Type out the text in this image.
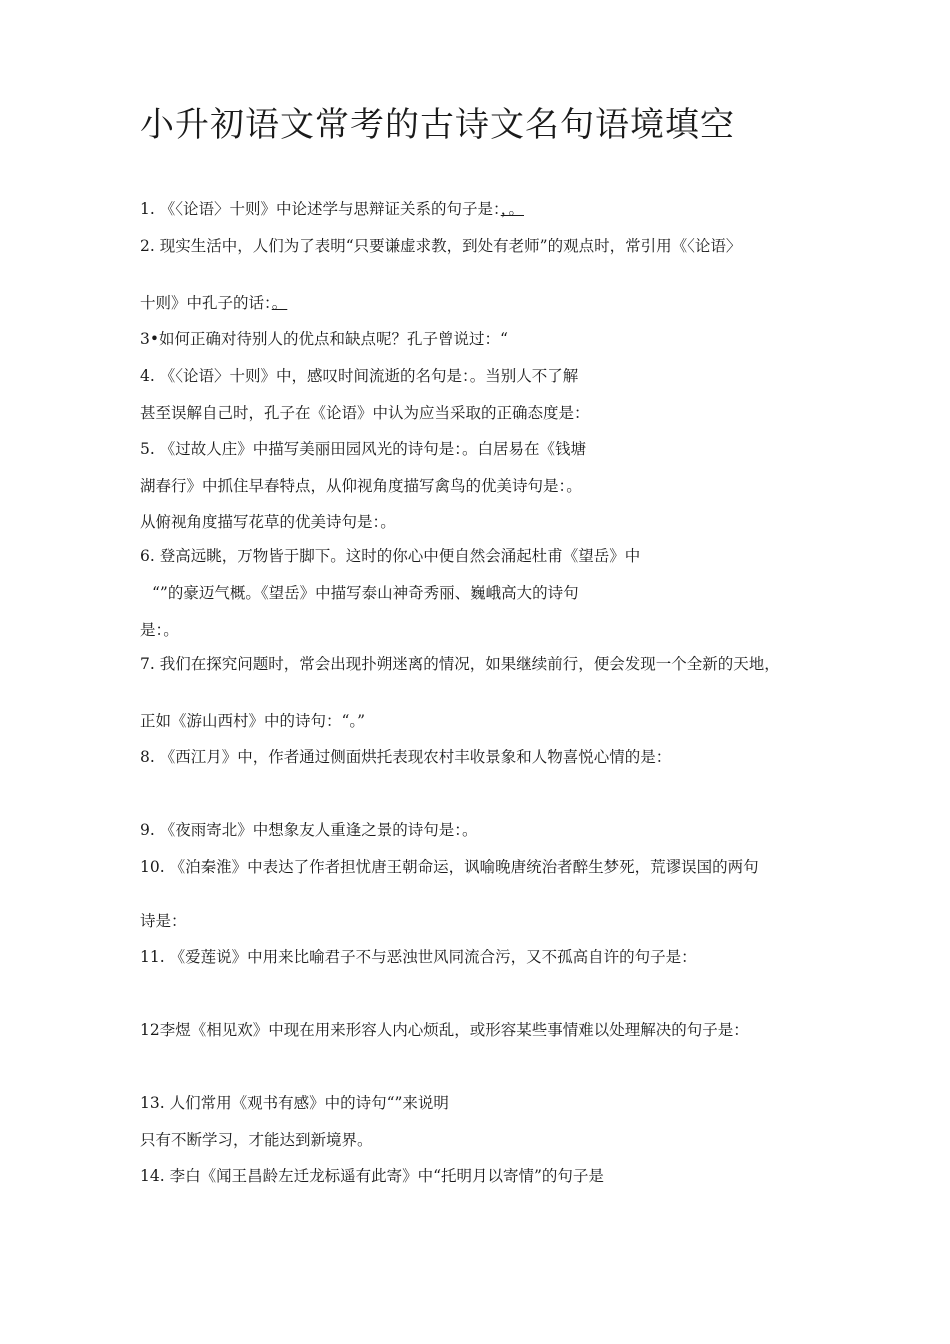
小升初语文常考的古诗文名句语境填空
1. 《〈论语〉十则》中论述学与思辩证关系的句子是：，。
2. 现实生活中，人们为了表明“只要谦虚求教，到处有老师”的观点时，常引用《〈论语〉
十则》中孔子的话：。
3•如何正确对待别人的优点和缺点呢？孔子曾说过：“
4. 《〈论语〉十则》中，感叹时间流逝的名句是：。当别人不了解
甚至误解自己时，孔子在《论语》中认为应当采取的正确态度是：
5. 《过故人庄》中描写美丽田园风光的诗句是：。白居易在《钱塘
湖春行》中抓住早春特点，从仰视角度描写禽鸟的优美诗句是：。
从俯视角度描写花草的优美诗句是：。
6. 登高远眺，万物皆于脚下。这时的你心中便自然会涌起杜甫《望岳》中
“”的豪迈气概。《望岳》中描写泰山神奇秀丽、巍峨高大的诗句
是：。
7. 我们在探究问题时，常会出现扑朔迷离的情况，如果继续前行，便会发现一个全新的天地，
正如《游山西村》中的诗句：“。”
8. 《西江月》中，作者通过侧面烘托表现农村丰收景象和人物喜悦心情的是：
9. 《夜雨寄北》中想象友人重逢之景的诗句是：。
10. 《泊秦淮》中表达了作者担忧唐王朝命运，讽喻晚唐统治者醉生梦死，荒谬误国的两句
诗是：
11. 《爱莲说》中用来比喻君子不与恶浊世风同流合污，又不孤高自许的句子是：
12李煜《相见欢》中现在用来形容人内心烦乱，或形容某些事情难以处理解决的句子是：
13. 人们常用《观书有感》中的诗句“”来说明
只有不断学习，才能达到新境界。
14. 李白《闻王昌龄左迁龙标遥有此寄》中“托明月以寄情”的句子是
